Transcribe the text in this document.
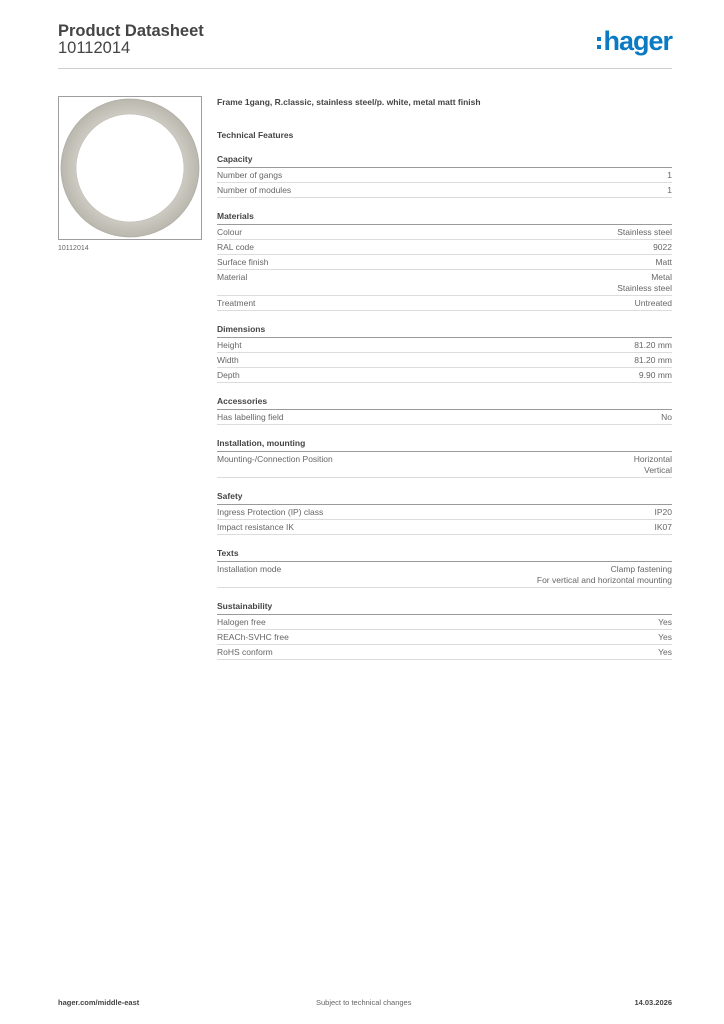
Product Datasheet
10112014	hager
10112014
Frame 1gang, R.classic, stainless steel/p. white, metal matt finish
Technical Features
Capacity
Number of gangs	1
Number of modules	1
Materials
Colour	Stainless steel
RAL code	9022
Surface finish	Matt
Material	Metal
Stainless steel
Treatment	Untreated
Dimensions
Height	81.20 mm
Width	81.20 mm
Depth	9.90 mm
Accessories
Has labelling field	No
Installation, mounting
Mounting-/Connection Position	Horizontal
Vertical
Safety
Ingress Protection (IP) class	IP20
Impact resistance IK	IK07
Texts
Installation mode	Clamp fastening
For vertical and horizontal mounting
Sustainability
Halogen free	Yes
REACh-SVHC free	Yes
RoHS conform	Yes
hager.com/middle-east	Subject to technical changes	14.03.2026
